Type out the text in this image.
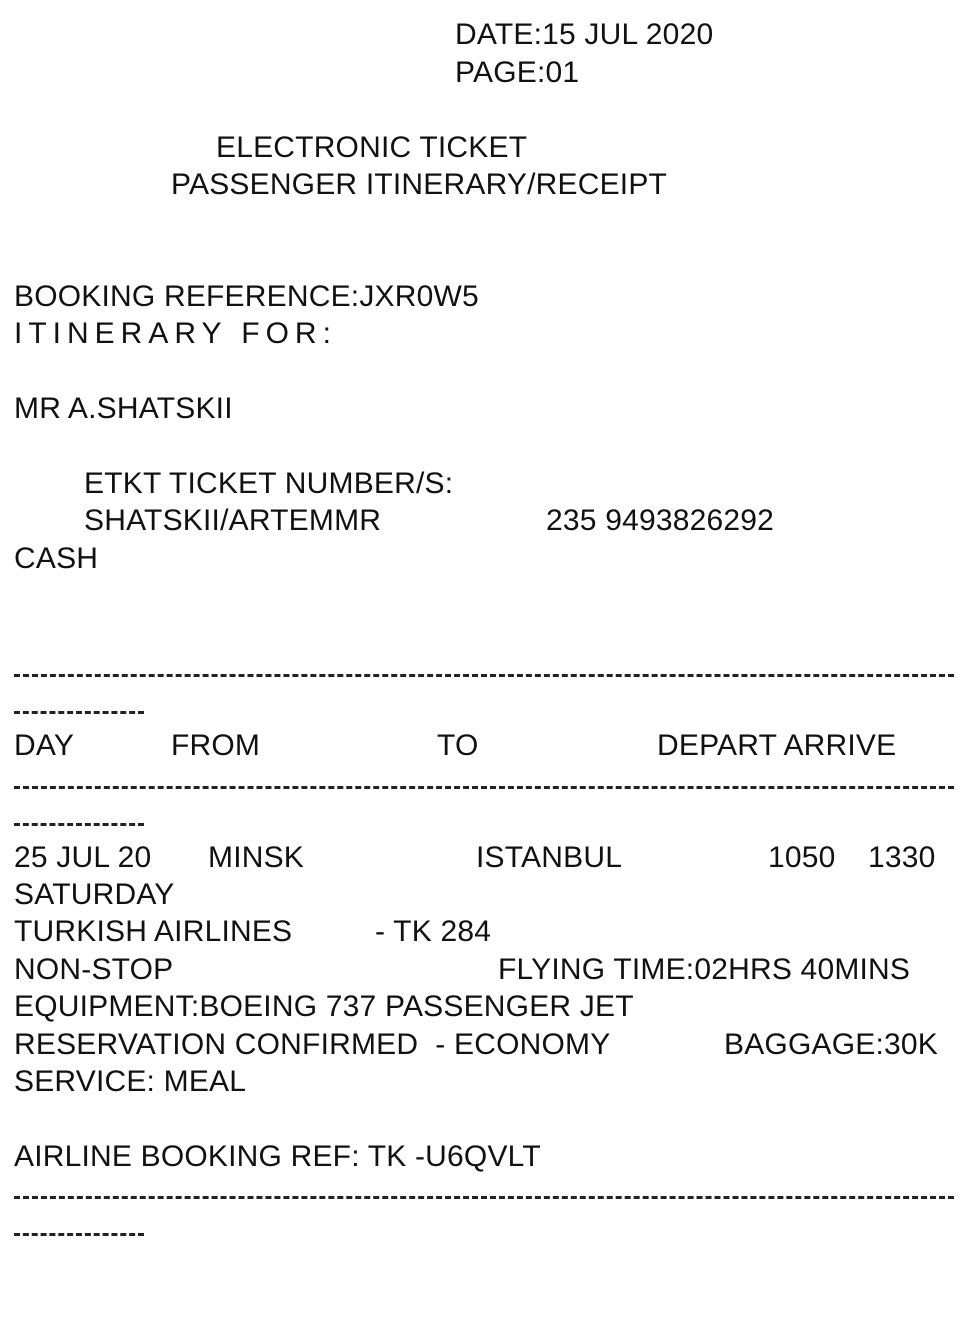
DATE:15 JUL 2020
PAGE:01
ELECTRONIC TICKET
PASSENGER ITINERARY/RECEIPT
BOOKING REFERENCE:JXR0W5
ITINERARY FOR:
MR A.SHATSKII
ETKT TICKET NUMBER/S:
SHATSKII/ARTEMMR	235 9493826292
CASH
DAY	FROM	TO	DEPART ARRIVE
25 JUL 20 MINSK	ISTANBUL	1050 1330
SATURDAY
TURKISH AIRLINES	- TK 284
NON-STOP	FLYING TIME:02HRS 40MINS
EQUIPMENT:BOEING 737 PASSENGER JET
RESERVATION CONFIRMED  - ECONOMY	BAGGAGE:30K
SERVICE: MEAL
AIRLINE BOOKING REF: TK -U6QVLT
